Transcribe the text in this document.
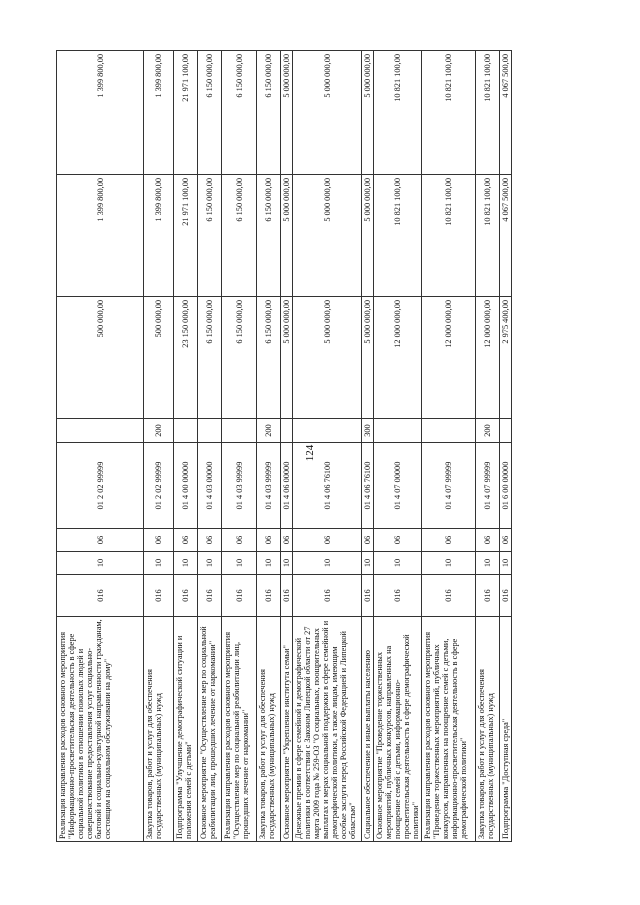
124
Реализация направления расходов основного мероприятия "Информационно-просветительская деятельность в сфере социальной политики в отношении пожилых людей и совершенствование предоставления услуг социально-бытовой и социально-культурной направленности гражданам, состоящим на социальном обслуживании на дому"	016	10	06	01 2 02 99999		500 000,00	1 399 800,00	1 399 800,00
Закупка товаров, работ и услуг для обеспечения государственных (муниципальных) нужд	016	10	06	01 2 02 99999	200	500 000,00	1 399 800,00	1 399 800,00
Подпрограмма "Улучшение демографической ситуации и положения семей с детьми"	016	10	06	01 4 00 00000		23 150 000,00	21 971 100,00	21 971 100,00
Основное мероприятие "Осуществление мер по социальной реабилитации лиц, прошедших лечение от наркомании"	016	10	06	01 4 03 00000		6 150 000,00	6 150 000,00	6 150 000,00
Реализация направления расходов основного мероприятия "Осуществление мер по социальной реабилитации лиц, прошедших лечение от наркомании"	016	10	06	01 4 03 99999		6 150 000,00	6 150 000,00	6 150 000,00
Закупка товаров, работ и услуг для обеспечения государственных (муниципальных) нужд	016	10	06	01 4 03 99999	200	6 150 000,00	6 150 000,00	6 150 000,00
Основное мероприятие "Укрепление института семьи"	016	10	06	01 4 06 00000		5 000 000,00	5 000 000,00	5 000 000,00
Денежные премии в сфере семейной и демографической политики в соответствии с Законом Липецкой области от 27 марта 2009 года № 259-ОЗ "О социальных, поощрительных выплатах и мерах социальной поддержки в сфере семейной и демографической политики, а также лицам, имеющим особые заслуги перед Российской Федерацией и Липецкой областью"	016	10	06	01 4 06 76100		5 000 000,00	5 000 000,00	5 000 000,00
Социальное обеспечение и иные выплаты населению	016	10	06	01 4 06 76100	300	5 000 000,00	5 000 000,00	5 000 000,00
Основное мероприятие "Проведение торжественных мероприятий, публичных конкурсов, направленных на поощрение семей с детьми, информационно-просветительская деятельность в сфере демографической политики"	016	10	06	01 4 07 00000		12 000 000,00	10 821 100,00	10 821 100,00
Реализация направления расходов основного мероприятия "Проведение торжественных мероприятий, публичных конкурсов, направленных на поощрение семей с детьми, информационно-просветительская деятельность в сфере демографической политики"	016	10	06	01 4 07 99999		12 000 000,00	10 821 100,00	10 821 100,00
Закупка товаров, работ и услуг для обеспечения государственных (муниципальных) нужд	016	10	06	01 4 07 99999	200	12 000 000,00	10 821 100,00	10 821 100,00
Подпрограмма "Доступная среда"	016	10	06	01 6 00 00000		2 975 400,00	4 067 500,00	4 067 500,00
